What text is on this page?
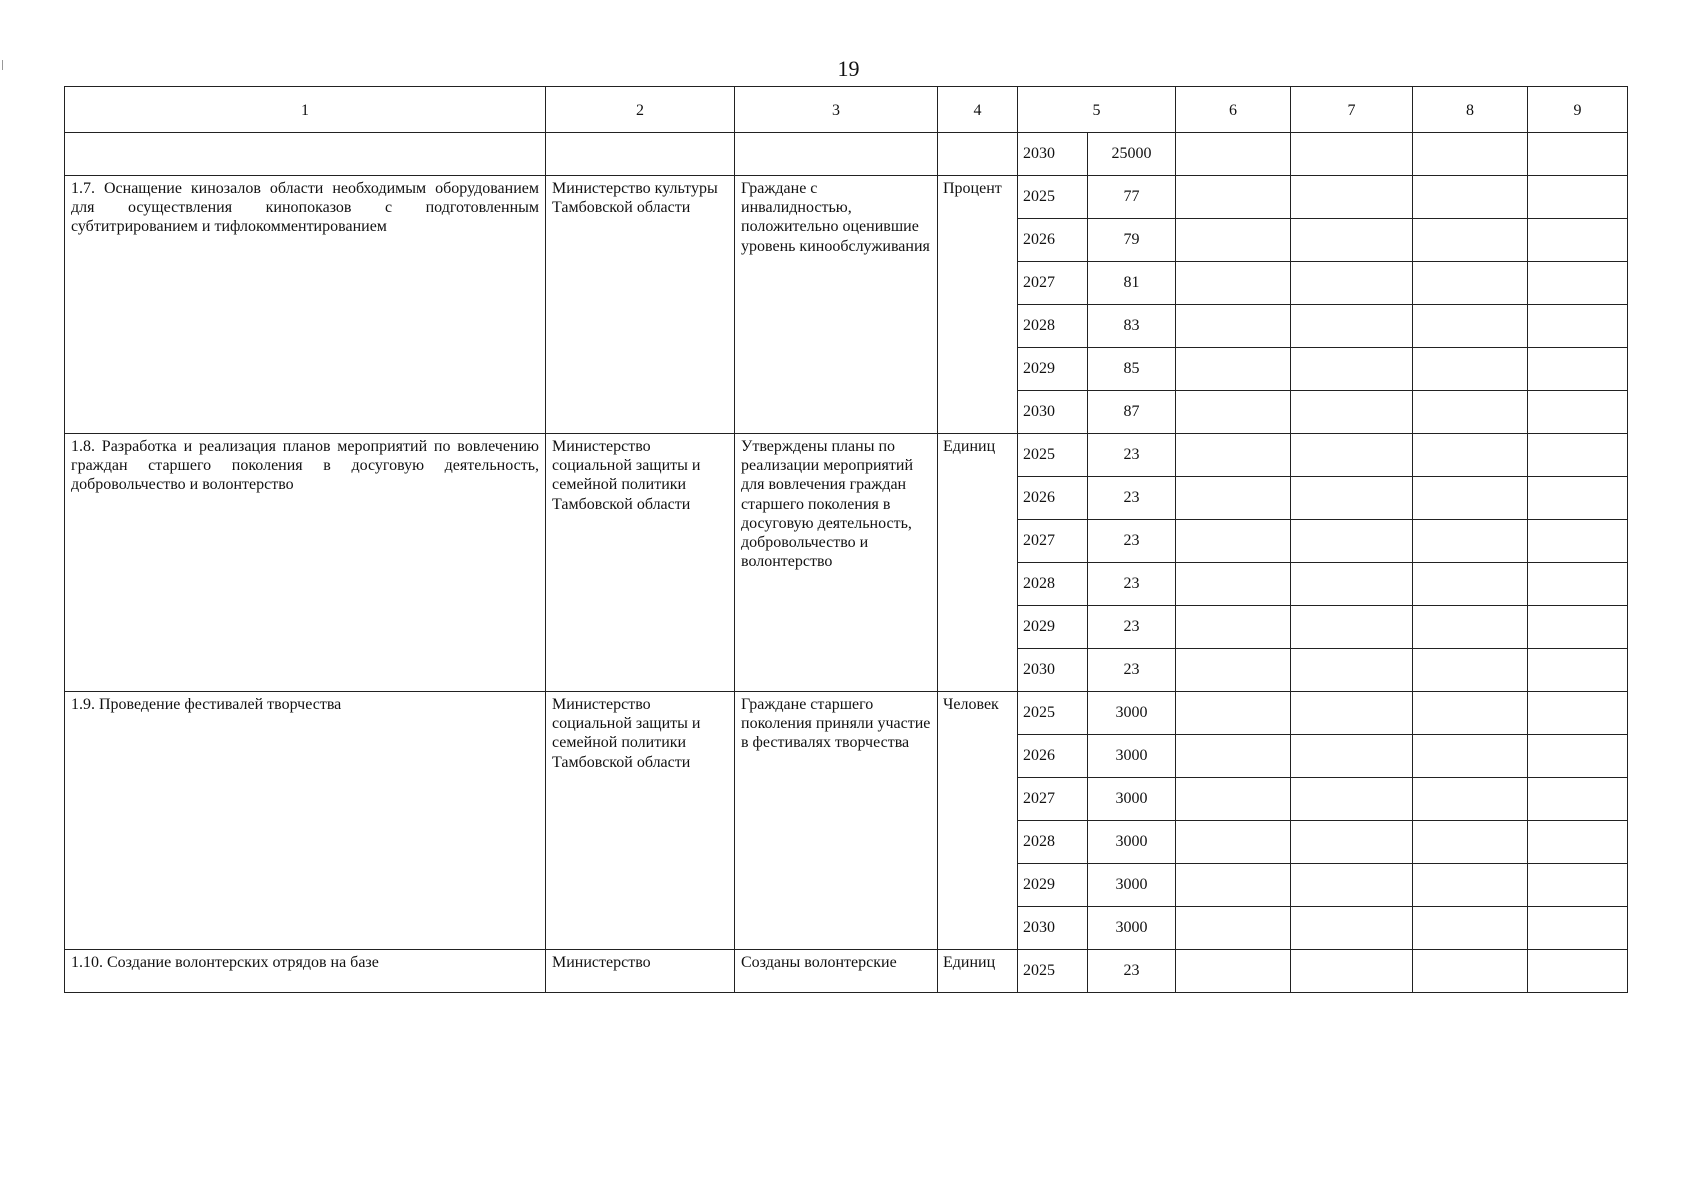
19
1	2	3	4	5		6	7	8	9
				2030	25000				
1.7. Оснащение кинозалов области необходимым оборудованием для осуществления кинопоказов с подготовленным субтитрированием и тифлокомментированием	Министерство культуры Тамбовской области	Граждане с инвалидностью, положительно оценившие уровень кинообслуживания	Процент	2025	77				
				2026	79				
				2027	81				
				2028	83				
				2029	85				
				2030	87				
1.8. Разработка и реализация планов мероприятий по вовлечению граждан старшего поколения в досуговую деятельность, добровольчество и волонтерство	Министерство социальной защиты и семейной политики Тамбовской области	Утверждены планы по реализации мероприятий для вовлечения граждан старшего поколения в досуговую деятельность, добровольчество и волонтерство	Единиц	2025	23				
				2026	23				
				2027	23				
				2028	23				
				2029	23				
				2030	23				
1.9. Проведение фестивалей творчества	Министерство социальной защиты и семейной политики Тамбовской области	Граждане старшего поколения приняли участие в фестивалях творчества	Человек	2025	3000				
				2026	3000				
				2027	3000				
				2028	3000				
				2029	3000				
				2030	3000				
1.10. Создание волонтерских отрядов на базе	Министерство	Созданы волонтерские	Единиц	2025	23				
